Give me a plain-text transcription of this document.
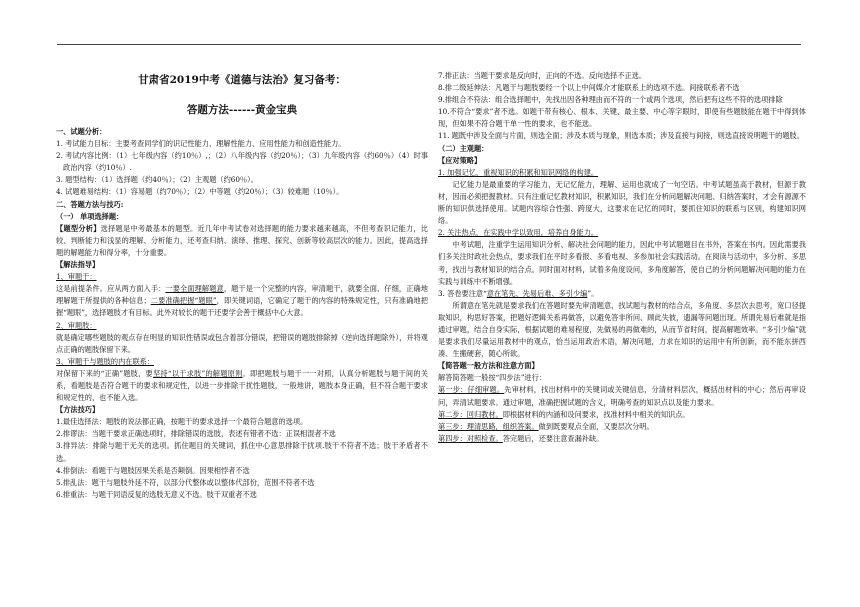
甘肃省2019中考《道德与法治》复习备考：
答题方法------黄金宝典

一、试题分析：

1. 考试能力目标：主要考查同学们的识记性能力、理解性能力、应用性能力和创造性能力。

2. 考试内容比例：（1）七年级内容（约10％）,；（2）八年级内容（约20％）；（3）九年级内容（约60％）（4）时事政治内容（约10％）.

3. 题型结构：（1）选择题（约40％）；（2）主观题（约60％）。

4. 试题难易结构：（1）容易题（约70％）；（2）中等题（约20％）；（3）较难题（10％）。

二、答题方法与技巧:

（一） 单项选择题：

【题型分析】选择题是中考最基本的题型。近几年中考试卷对选择题的能力要求越来越高，不但考查识记能力，比较、判断能力和浅显的理解、分析能力，还考查归纳、演绎、推理、探究、创新等较高层次的能力。因此，提高选择题的解题能力和得分率，十分重要。

【解法指导】

1、审题干：

这是前提条件。应从两方面入手：一要全面理解题意，题干是一个完整的内容，审清题干，就要全面、仔细，正确地理解题干所提供的各种信息；二要准确把握“题眼”，即关键词语，它确定了题干的内容的特殊规定性，只有准确地把握“题眼”，选择题肢才有目标。此外对较长的题干还要学会善于概括中心大意。

2、审题肢：

就是确定哪些题肢的观点存在明显的知识性错误或包含着部分错误，把错误的题肢排除掉（逆向选择题除外），并将观点正确的题肢保留下来。

3、审题干与题肢的内在联系：

对保留下来的“正确”题肢，要坚持“以干求肢”的解题原则。即把题肢与题干一一对照，认真分析题肢与题干间的关系，看题肢是否符合题干的要求和规定性，以进一步排除干扰性题肢，一般地讲，题肢本身正确，但不符合题干要求和规定性的，也不能入选。

【方法技巧】

1.最佳选择法：题肢的说法都正确，按题干的要求选择一个最符合题意的选项。

2.排谬法：当题干要求正确选项时，排除错误的选肢，表述有错者不选：正误相混者不选

3.排异法：排除与题干无关的选项。抓住题目的关键词，抓住中心意思排除干扰项.肢干不符者不选；肢干矛盾者不选。

4.排倒法：看题干与题肢因果关系是否颠倒。因果相悖者不选

5.排乱法：题干与题肢外延不符，以部分代整体或以整体代部份，范围不符者不选

6.排重法：与题干同语反复的选肢无意义不选。肢干双重者不选

7.排正法：当题干要求是反向时，正向的不选。反向选择不正选。

8.排二级延伸法：凡题干与题肢要经一个以上中间媒介才能联系上的选项不选。间接联系者不选

9.排组合不符法：组合选择题中，先找出因各种理由而不符的一个或两个选项，然后把有这些不符的选项排除

10.不符合“要求”者不选。如题干带有核心、根本、关键、最主要、中心等字眼时，即使有些题肢能在题干中得到体现，但如果不符合题干单一性的要求，也不能选。

11. 题既中涉及全面与片面，则选全面；涉及本质与现象，则选本质；涉及直接与间接，则选直接说明题干的题肢。

（二）主观题：

【应对策略】

1. 加强记忆，重视知识的积累和知识网络的构建。

记忆能力是最重要的学习能力，无记忆能力，理解、运用也就成了一句空话。中考试题虽高于教材，但源于教材，因而必须把握教材。只有注重记忆教材知识，积累知识，我们在分析问题解决问题、归纳答案时，才会有源源不断的知识供选择使用。试题内容综合性强、跨度大，这要求在记忆的同时，要抓住知识的联系与区别，构建知识网络。

2. 关注热点，在实践中学以致用，培养自身能力。

中考试题，注重学生运用知识分析、解决社会问题的能力，因此中考试题题目在书外，答案在书内。因此需要我们多关注时政社会热点，要求我们在平时多看报、多看电视、多参加社会实践活动。在阅读与活动中，多分析、多思考，找出与教材知识的结合点。同时面对材料，试着多角度设问，多角度解答，使自己的分析问题解决问题的能力在实践与训练中不断增强。

3. 答卷要注意“意在笔先、先易后难、多引少编”。

所谓意在笔先就是要求我们在答题时要先审清题意，找试题与教材的结合点，多角度、多层次去思考，宽口径提取知识，构思好答案，把题好逻辑关系再做答，以避免答非所问、顾此失彼，遗漏等问题出现。所谓先易后难就是指通过审题，结合自身实际，根据试题的难易程度，先做易的再做难的，从而节省时间，提高解题效率。“多引少编”就是要求我们尽量运用教材中的观点，恰当运用政治术语，解决问题，力求在知识的运用中有所创新，而不能东拼西凑、生搬硬套，随心所欲。

【简答题一般方法和注意方面】

解答简答题一般按“四步法”进行：

第一步：仔细审题。先审材料，找出材料中的关键词或关键信息，分清材料层次，概括出材料的中心；然后再审设问，弄清试题要求。通过审题，准确把握试题的含义，明确考查的知识点以及能力要求。

第二步：回归教材。即根据材料的内涵和设问要求，找准材料中相关的知识点。

第三步：理清思路，组织答案。做到既要观点全面，又要层次分明。

第四步：对照检查。答完题后，还要注意查漏补缺。
